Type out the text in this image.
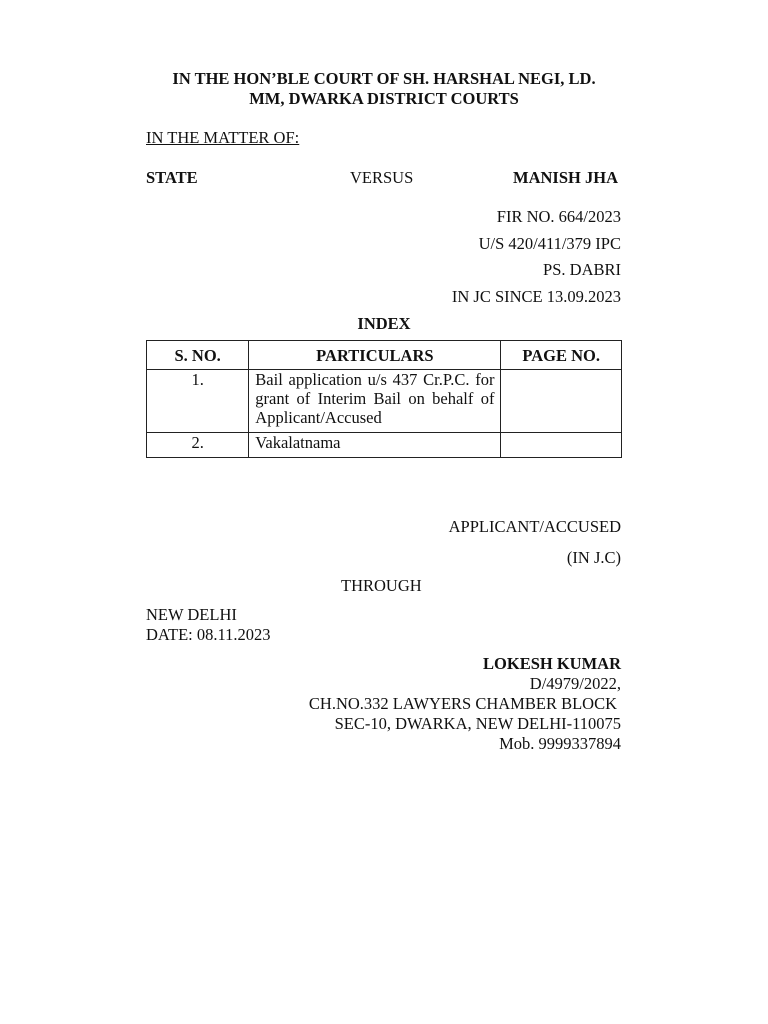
IN THE HON’BLE COURT OF SH. HARSHAL NEGI, LD.
MM, DWARKA DISTRICT COURTS
IN THE MATTER OF:
STATE	VERSUS	MANISH JHA
FIR NO. 664/2023
U/S 420/411/379 IPC
PS. DABRI
IN JC SINCE 13.09.2023
INDEX
S. NO.	PARTICULARS	PAGE NO.
1.	Bail application u/s 437 Cr.P.C. for grant of Interim Bail on behalf of Applicant/Accused	
2.	Vakalatnama	
APPLICANT/ACCUSED
(IN J.C)
THROUGH
NEW DELHI
DATE: 08.11.2023
LOKESH KUMAR
D/4979/2022,
CH.NO.332 LAWYERS CHAMBER BLOCK
SEC-10, DWARKA, NEW DELHI-110075
Mob. 9999337894
